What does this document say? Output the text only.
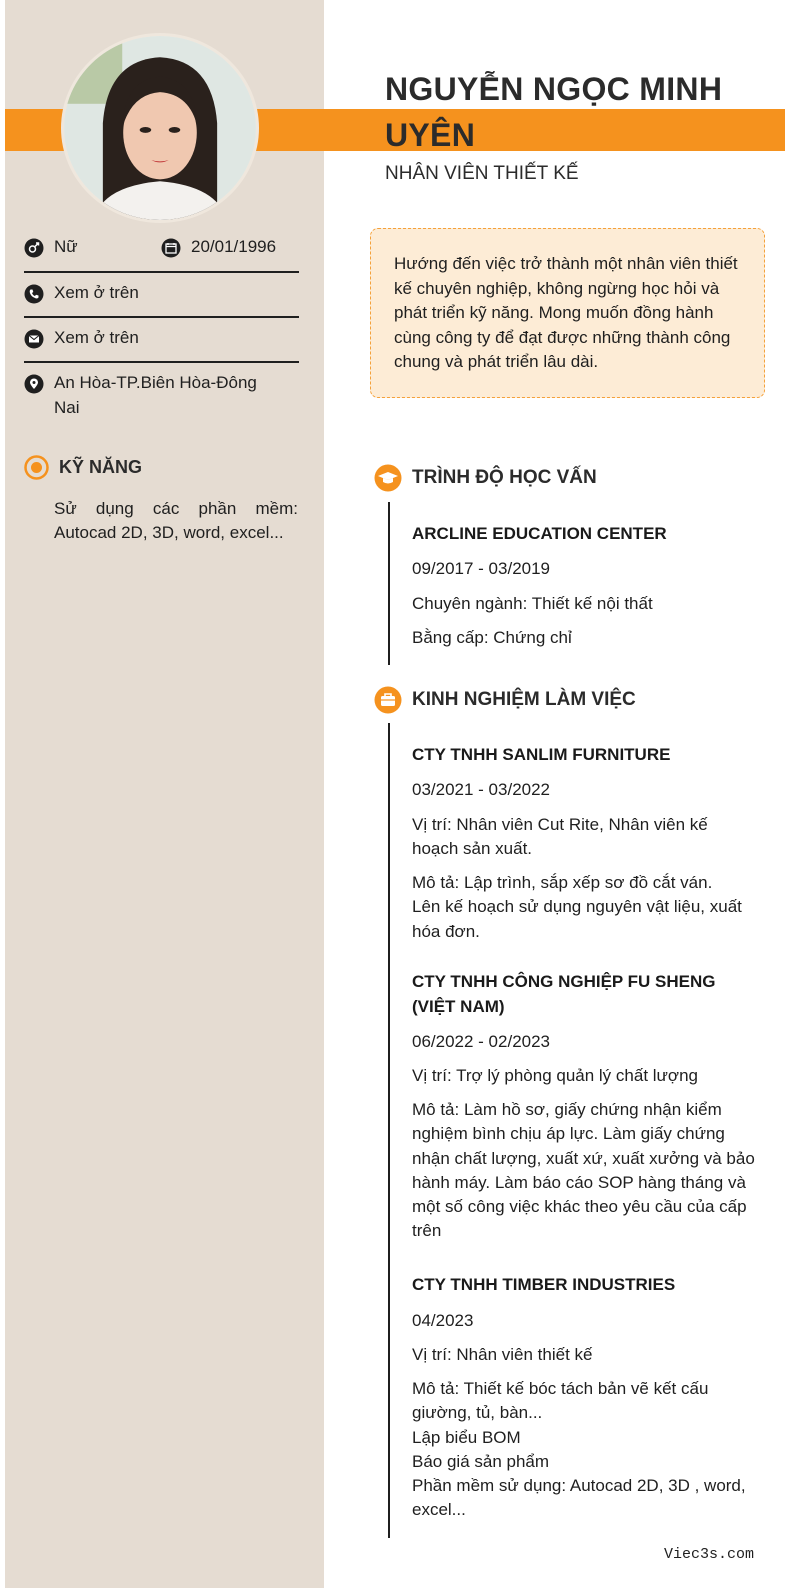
NGUYỄN NGỌC MINH
UYÊN
NHÂN VIÊN THIẾT KẾ
Nữ	20/01/1996
Xem ở trên
Xem ở trên
An Hòa-TP.Biên Hòa-Đông
Nai
KỸ NĂNG
Sử dụng các phần mềm: Autocad 2D, 3D, word, excel...
Hướng đến việc trở thành một nhân viên thiết kế chuyên nghiệp, không ngừng học hỏi và phát triển kỹ năng. Mong muốn đồng hành cùng công ty để đạt được những thành công chung và phát triển lâu dài.
TRÌNH ĐỘ HỌC VẤN
ARCLINE EDUCATION CENTER
09/2017 - 03/2019
Chuyên ngành: Thiết kế nội thất
Bằng cấp: Chứng chỉ
KINH NGHIỆM LÀM VIỆC
CTY TNHH SANLIM FURNITURE
03/2021 - 03/2022
Vị trí: Nhân viên Cut Rite, Nhân viên kế hoạch sản xuất.
Mô tả: Lập trình, sắp xếp sơ đồ cắt ván.
Lên kế hoạch sử dụng nguyên vật liệu, xuất hóa đơn.
CTY TNHH CÔNG NGHIỆP FU SHENG (VIỆT NAM)
06/2022 - 02/2023
Vị trí: Trợ lý phòng quản lý chất lượng
Mô tả: Làm hồ sơ, giấy chứng nhận kiểm nghiệm bình chịu áp lực. Làm giấy chứng nhận chất lượng, xuất xứ, xuất xưởng và bảo hành máy. Làm báo cáo SOP hàng tháng và một số công việc khác theo yêu cầu của cấp trên
CTY TNHH TIMBER INDUSTRIES
04/2023
Vị trí: Nhân viên thiết kế
Mô tả: Thiết kế bóc tách bản vẽ kết cấu giường, tủ, bàn...
Lập biểu BOM
Báo giá sản phẩm
Phần mềm sử dụng: Autocad 2D, 3D , word, excel...
Viec3s.com
